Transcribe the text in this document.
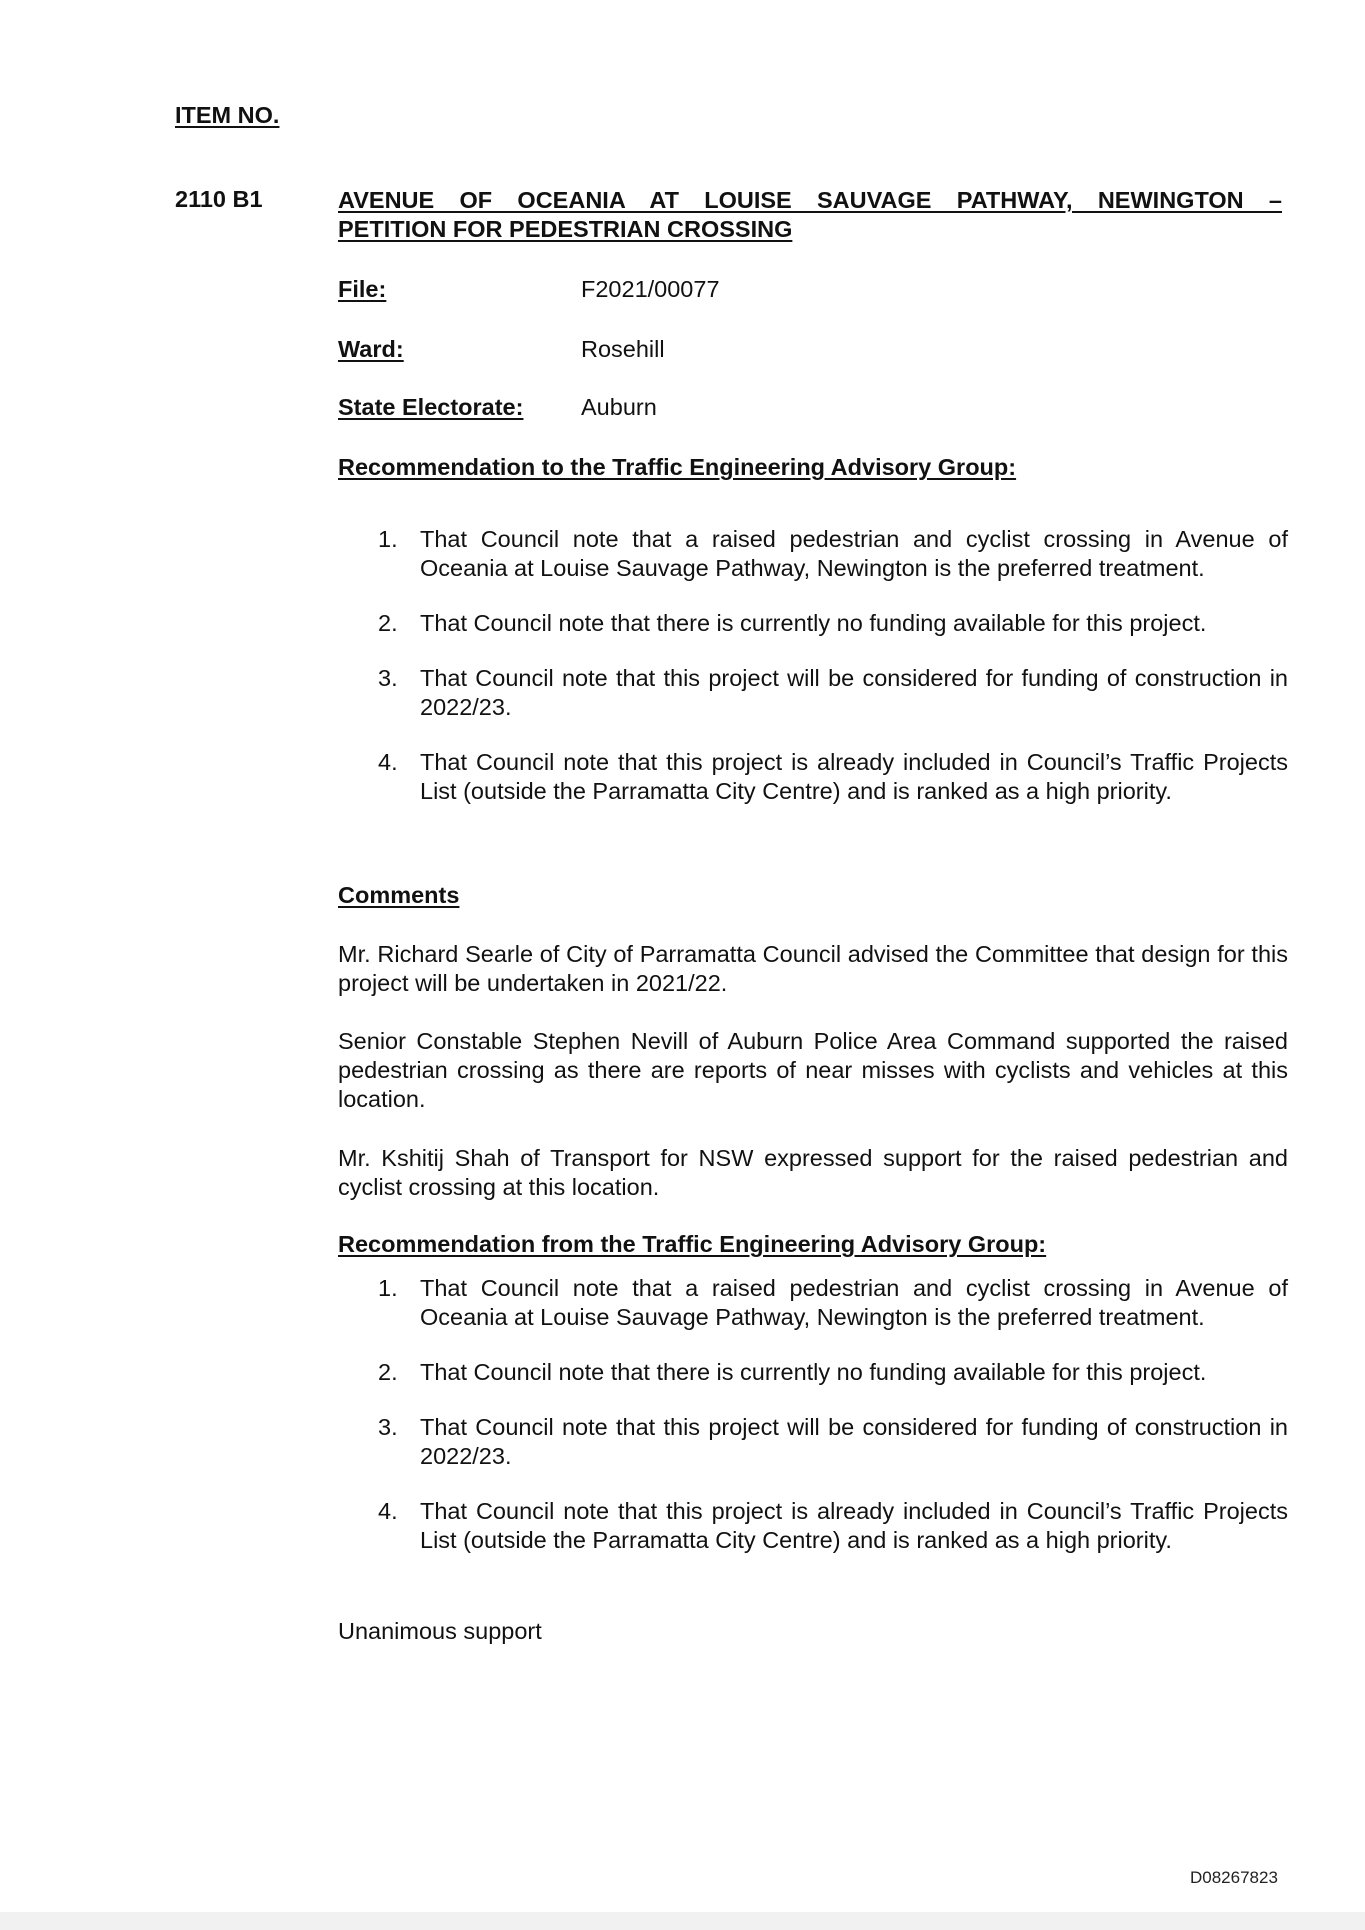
ITEM NO.
2110 B1	AVENUE OF OCEANIA AT LOUISE SAUVAGE PATHWAY, NEWINGTON –
PETITION FOR PEDESTRIAN CROSSING
File:	F2021/00077
Ward:	Rosehill
State Electorate: Auburn
Recommendation to the Traffic Engineering Advisory Group:
1. That Council note that a raised pedestrian and cyclist crossing in Avenue of Oceania at Louise Sauvage Pathway, Newington is the preferred treatment.
2. That Council note that there is currently no funding available for this project.
3. That Council note that this project will be considered for funding of construction in 2022/23.
4. That Council note that this project is already included in Council’s Traffic Projects List (outside the Parramatta City Centre) and is ranked as a high priority.
Comments
Mr. Richard Searle of City of Parramatta Council advised the Committee that design for this project will be undertaken in 2021/22.
Senior Constable Stephen Nevill of Auburn Police Area Command supported the raised pedestrian crossing as there are reports of near misses with cyclists and vehicles at this location.
Mr. Kshitij Shah of Transport for NSW expressed support for the raised pedestrian and cyclist crossing at this location.
Recommendation from the Traffic Engineering Advisory Group:
1. That Council note that a raised pedestrian and cyclist crossing in Avenue of Oceania at Louise Sauvage Pathway, Newington is the preferred treatment.
2. That Council note that there is currently no funding available for this project.
3. That Council note that this project will be considered for funding of construction in 2022/23.
4. That Council note that this project is already included in Council’s Traffic Projects List (outside the Parramatta City Centre) and is ranked as a high priority.
Unanimous support
D08267823
